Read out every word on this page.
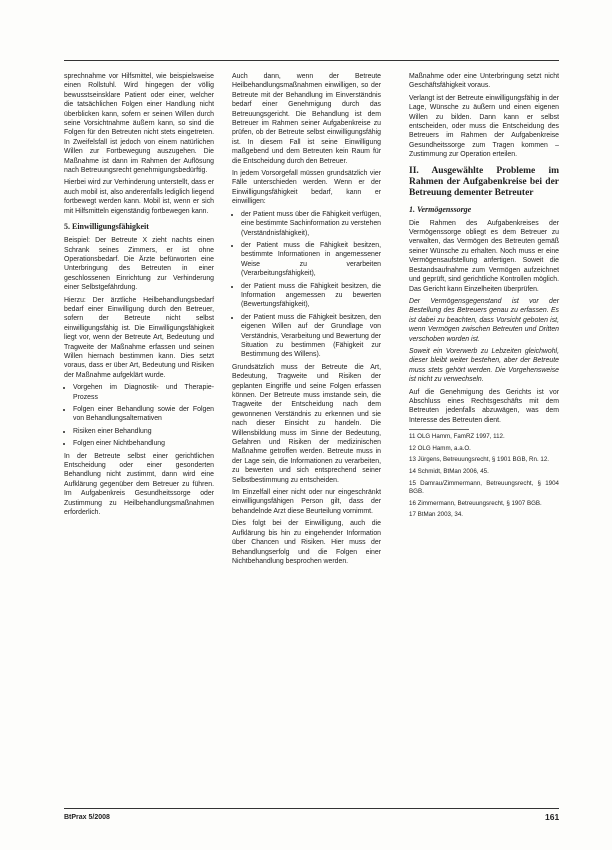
sprechnahme vor Hilfsmittel, wie beispielsweise einen Rollstuhl. Wird hingegen der völlig bewusstseinsklare Patient oder einer, welcher die tatsächlichen Folgen einer Handlung nicht überblicken kann, sofern er seinen Willen durch seine Vorsichtnahme äußern kann, so sind die Folgen für den Betreuten nicht stets eingetreten. In Zweifelsfall ist jedoch von einem natürlichen Willen zur Fortbewegung auszugehen. Die Maßnahme ist dann im Rahmen der Auflösung nach Betreuungsrecht genehmigungsbedürftig.

Hierbei wird zur Verhinderung unterstellt, dass er auch mobil ist, also anderenfalls lediglich liegend fortbewegt werden kann. Mobil ist, wenn er sich mit Hilfsmitteln eigenständig fortbewegen kann.

5. Einwilligungsfähigkeit

Beispiel: Der Betreute X zieht nachts einen Schrank seines Zimmers, er ist ohne Operationsbedarf. Die Ärzte befürworten eine Unterbringung des Betreuten in einer geschlossenen Einrichtung zur Verhinderung einer Selbstgefährdung.

Hierzu: Der ärztliche Heilbehandlungsbedarf bedarf einer Einwilligung durch den Betreuer, sofern der Betreute nicht selbst einwilligungsfähig ist. Die Einwilligungsfähigkeit liegt vor, wenn der Betreute Art, Bedeutung und Tragweite der Maßnahme erfassen und seinen Willen hiernach bestimmen kann. Dies setzt voraus, dass er über Art, Bedeutung und Risiken der Maßnahme aufgeklärt wurde.

• Vorgehen im Diagnostik- und Therapie-Prozess
• Folgen einer Behandlung sowie der Folgen von Behandlungsalternativen
• Risiken einer Behandlung
• Folgen einer Nichtbehandlung

In der Betreute selbst einer gerichtlichen Entscheidung oder einer gesonderten Behandlung nicht zustimmt, dann wird eine Aufklärung gegenüber dem Betreuer zu führen. Im Aufgabenkreis Gesundheitssorge oder Zustimmung zu Heilbehandlungsmaßnahmen erforderlich.

Auch dann, wenn der Betreute Heilbehandlungsmaßnahmen einwilligen, so der Betreute mit der Behandlung im Einverständnis bedarf einer Genehmigung durch das Betreuungsgericht. Die Behandlung ist dem Betreuer im Rahmen seiner Aufgabenkreise zu prüfen, ob der Betreute selbst einwilligungsfähig ist. In diesem Fall ist seine Einwilligung maßgebend und dem Betreuten kein Raum für die Entscheidung durch den Betreuer.

In jedem Vorsorgefall müssen grundsätzlich vier Fälle unterschieden werden. Wenn er der Einwilligungsfähigkeit bedarf, kann er einwilligen:

• der Patient muss über die Fähigkeit verfügen, eine bestimmte Sachinformation zu verstehen (Verständnisfähigkeit),
• der Patient muss die Fähigkeit besitzen, bestimmte Informationen in angemessener Weise zu verarbeiten (Verarbeitungsfähigkeit),
• der Patient muss die Fähigkeit besitzen, die Information angemessen zu bewerten (Bewertungsfähigkeit),
• der Patient muss die Fähigkeit besitzen, den eigenen Willen auf der Grundlage von Verständnis, Verarbeitung und Bewertung der Situation zu bestimmen (Fähigkeit zur Bestimmung des Willens).

Grundsätzlich muss der Betreute die Art, Bedeutung, Tragweite und Risiken der geplanten Eingriffe und seine Folgen erfassen können. Der Betreute muss imstande sein, die Tragweite der Entscheidung nach dem gewonnenen Verständnis zu erkennen und sie nach dieser Einsicht zu handeln. Die Willensbildung muss im Sinne der Bedeutung, Gefahren und Risiken der medizinischen Maßnahme getroffen werden. Betreute muss in der Lage sein, die Informationen zu verarbeiten, zu bewerten und sich entsprechend seiner Selbstbestimmung zu entscheiden.

Im Einzelfall einer nicht oder nur eingeschränkt einwilligungsfähigen Person gilt, dass der behandelnde Arzt diese Beurteilung vornimmt.

Dies folgt bei der Einwilligung, auch die Aufklärung bis hin zu eingehender Information über Chancen und Risiken. Hier muss der Behandlungserfolg und die Folgen einer Nichtbehandlung besprochen werden.

Maßnahme oder eine Unterbringung setzt nicht Geschäftsfähigkeit voraus.

Verlangt ist der Betreute einwilligungsfähig in der Lage, Wünsche zu äußern und einen eigenen Willen zu bilden. Dann kann er selbst entscheiden, oder muss die Entscheidung des Betreuers im Rahmen der Aufgabenkreise Gesundheitssorge zum Tragen kommen – Zustimmung zur Operation erteilen.

II. Ausgewählte Probleme im Rahmen der Aufgabenkreise bei der Betreuung dementer Betreuter
1. Vermögenssorge

Die Rahmen des Aufgabenkreises der Vermögenssorge obliegt es dem Betreuer zu verwalten, das Vermögen des Betreuten gemäß seiner Wünsche zu erhalten. Noch muss er eine Vermögensaufstellung anfertigen. Soweit die Bestandsaufnahme zum Vermögen aufzeichnet und geprüft, sind gerichtliche Kontrollen möglich. Das Gericht kann Einzelheiten überprüfen.

Der Vermögensgegenstand ist vor der Bestellung des Betreuers genau zu erfassen. Es ist dabei zu beachten, dass Vorsicht geboten ist, wenn Vermögen zwischen Betreuten und Dritten verschoben worden ist.

Soweit ein Vorerwerb zu Lebzeiten gleichwohl, dieser bleibt weiter bestehen, aber der Betreute muss stets gehört werden. Die Vorgehensweise ist nicht zu verwechseln.

Auf die Genehmigung des Gerichts ist vor Abschluss eines Rechtsgeschäfts mit dem Betreuten jedenfalls abzuwägen, was dem Interesse des Betreuten dient.

11 OLG Hamm, FamRZ 1997, 112.

12 OLG Hamm, a.a.O.

13 Jürgens, Betreuungsrecht, § 1901 BGB, Rn. 12.

14 Schmidt, BtMan 2006, 45.

15 Damrau/Zimmermann, Betreuungsrecht, § 1904 BGB.

16 Zimmermann, Betreuungsrecht, § 1907 BGB.

17 BtMan 2003, 34.

BtPrax 5/2008	161
